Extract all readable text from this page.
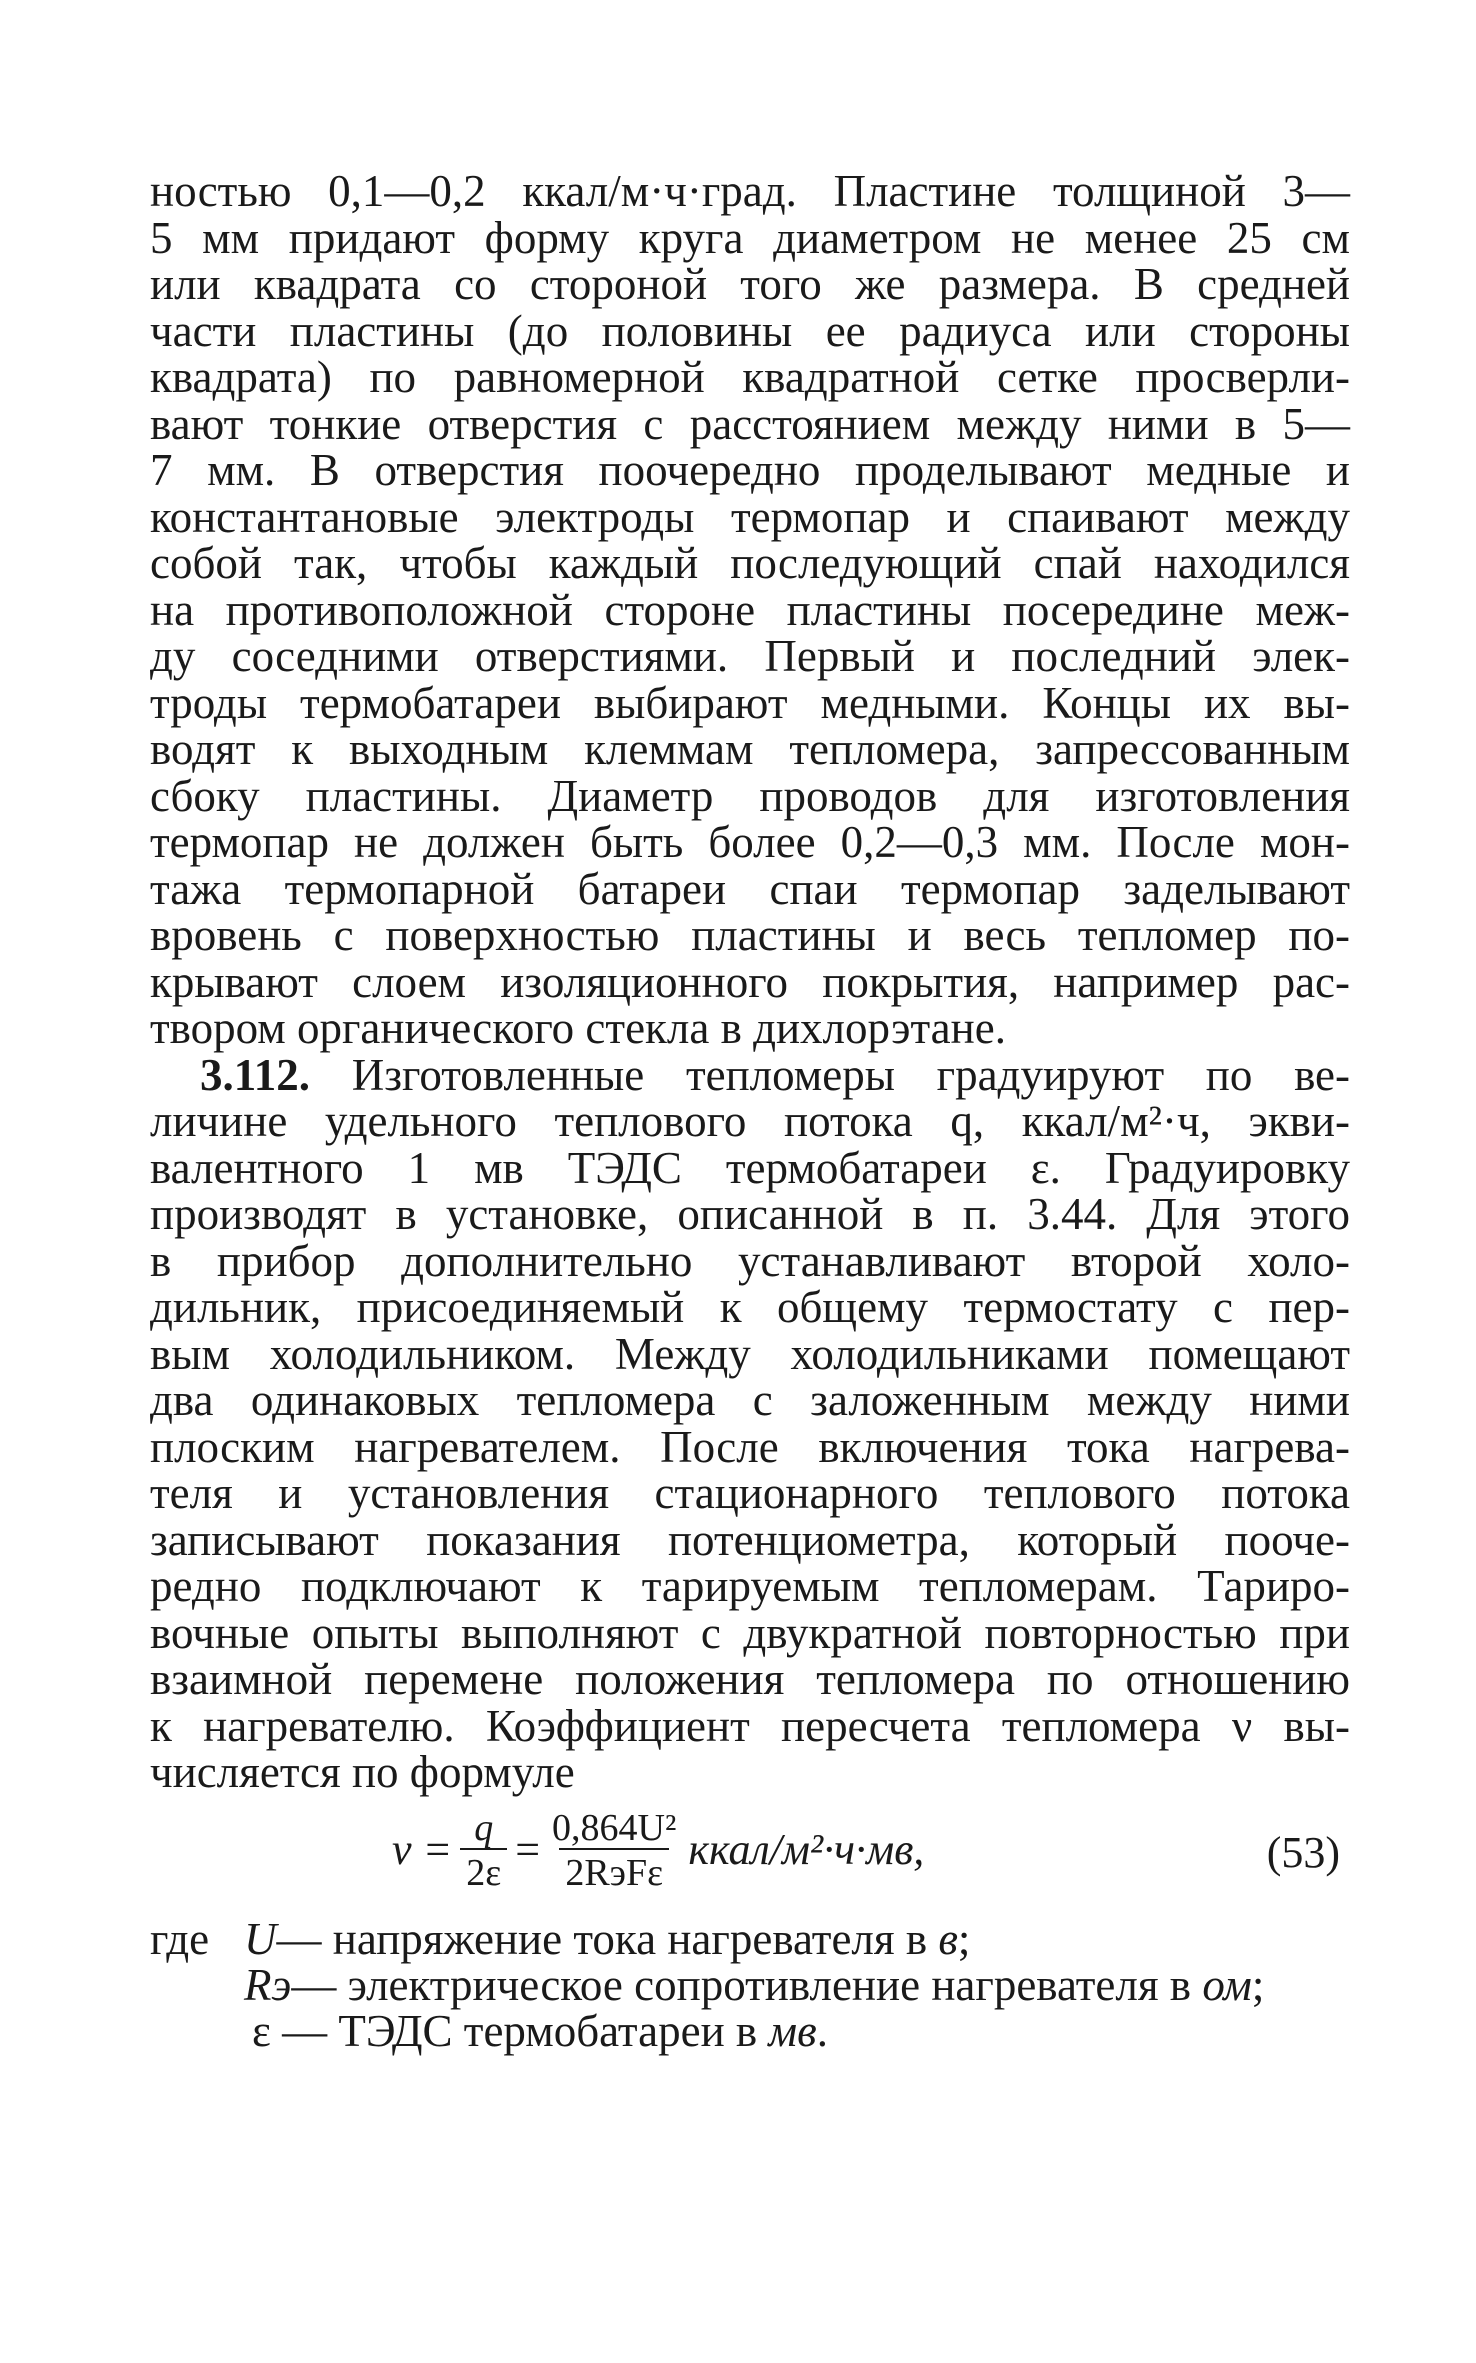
ностью 0,1—0,2 ккал/м·ч·град. Пластине толщиной 3—
5 мм придают форму круга диаметром не менее 25 см
или квадрата со стороной того же размера. В средней
части пластины (до половины ее радиуса или стороны
квадрата) по равномерной квадратной сетке просверли-
вают тонкие отверстия с расстоянием между ними в 5—
7 мм. В отверстия поочередно проделывают медные и
константановые электроды термопар и спаивают между
собой так, чтобы каждый последующий спай находился
на противоположной стороне пластины посередине меж-
ду соседними отверстиями. Первый и последний элек-
троды термобатареи выбирают медными. Концы их вы-
водят к выходным клеммам тепломера, запрессованным
сбоку пластины. Диаметр проводов для изготовления
термопар не должен быть более 0,2—0,3 мм. После мон-
тажа термопарной батареи спаи термопар заделывают
вровень с поверхностью пластины и весь тепломер по-
крывают слоем изоляционного покрытия, например рас-
твором органического стекла в дихлорэтане.
3.112. Изготовленные тепломеры градуируют по ве-
личине удельного теплового потока q, ккал/м²·ч, экви-
валентного 1 мв ТЭДС термобатареи ε. Градуировку
производят в установке, описанной в п. 3.44. Для этого
в прибор дополнительно устанавливают второй холо-
дильник, присоединяемый к общему термостату с пер-
вым холодильником. Между холодильниками помещают
два одинаковых тепломера с заложенным между ними
плоским нагревателем. После включения тока нагрева-
теля и установления стационарного теплового потока
записывают показания потенциометра, который пооче-
редно подключают к тарируемым тепломерам. Тариро-
вочные опыты выполняют с двукратной повторностью при
взаимной перемене положения тепломера по отношению
к нагревателю. Коэффициент пересчета тепломера ν вы-
числяется по формуле
$\nu = \frac{q}{2\varepsilon} = \frac{\text{0,864U²}}{\text{2RэFε}}$ ккал/м²·ч·мв,	(53)
где U— напряжение тока нагревателя в в;
Rэ— электрическое сопротивление нагревателя в ом;
ε — ТЭДС термобатареи в мв.
